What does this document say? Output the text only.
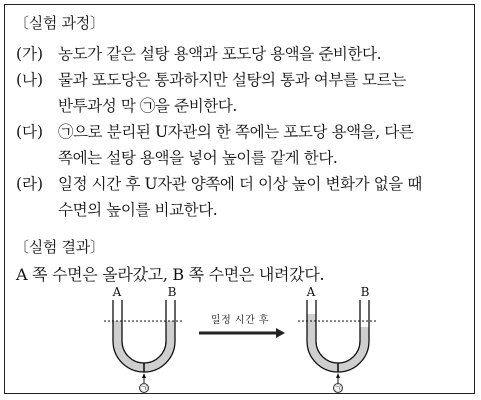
〔실험 과정〕
(가) 농도가 같은 설탕 용액과 포도당 용액을 준비한다.
(나) 물과 포도당은 통과하지만 설탕의 통과 여부를 모르는
반투과성 막 ㉠을 준비한다.
(다) ㉠으로 분리된 U자관의 한 쪽에는 포도당 용액을, 다른
쪽에는 설탕 용액을 넣어 높이를 같게 한다.
(라) 일정 시간 후 U자관 양쪽에 더 이상 높이 변화가 없을 때
수면의 높이를 비교한다.
〔실험 결과〕
A 쪽 수면은 올라갔고, B 쪽 수면은 내려갔다.
㉠
A	B
일정 시간 후
㉠
A	B
